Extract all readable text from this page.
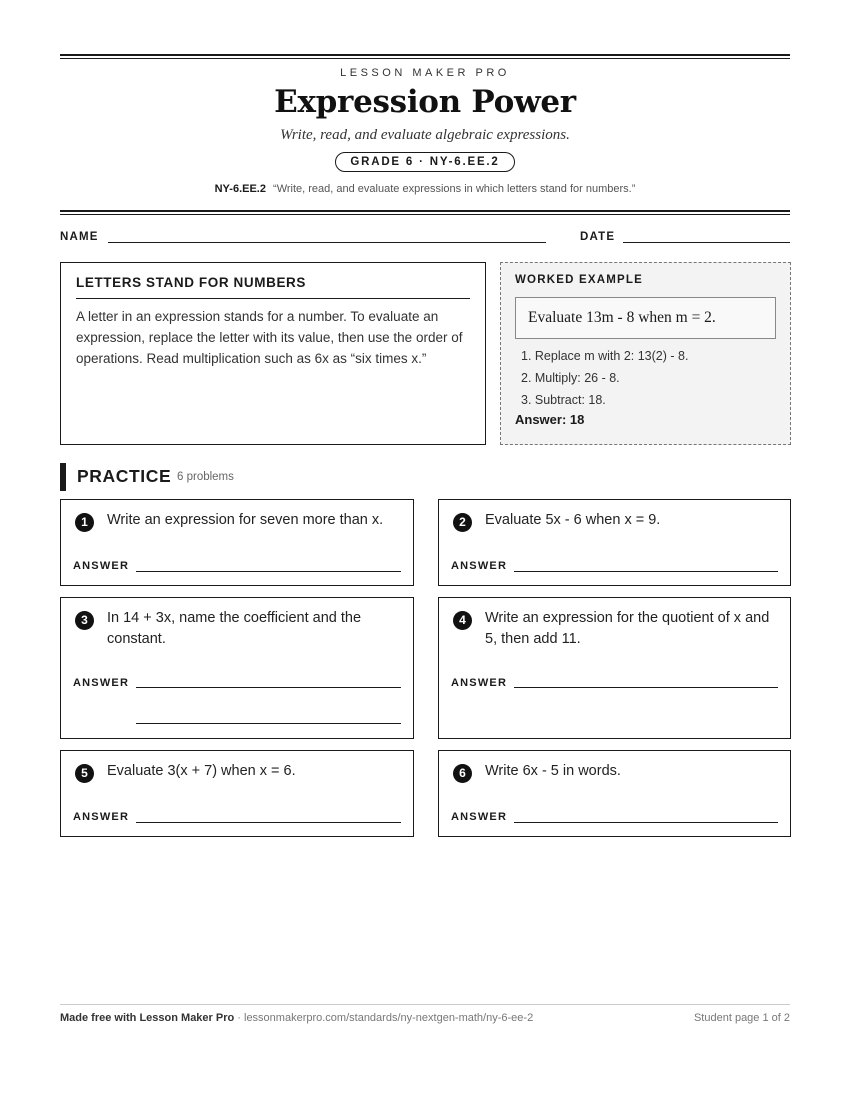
LESSON MAKER PRO
Expression Power
Write, read, and evaluate algebraic expressions.
GRADE 6 · NY-6.EE.2
NY-6.EE.2 “Write, read, and evaluate expressions in which letters stand for numbers.”
NAME	DATE
LETTERS STAND FOR NUMBERS
A letter in an expression stands for a number. To evaluate an expression, replace the letter with its value, then use the order of operations. Read multiplication such as 6x as “six times x.”
WORKED EXAMPLE
Evaluate 13m - 8 when m = 2.
1. Replace m with 2: 13(2) - 8.
2. Multiply: 26 - 8.
3. Subtract: 18.
Answer: 18
PRACTICE 6 problems
1	Write an expression for seven more than x.
ANSWER
2	Evaluate 5x - 6 when x = 9.
ANSWER
3	In 14 + 3x, name the coefficient and the constant.
ANSWER
4	Write an expression for the quotient of x and 5, then add 11.
ANSWER
5	Evaluate 3(x + 7) when x = 6.
ANSWER
6	Write 6x - 5 in words.
ANSWER
Made free with Lesson Maker Pro · lessonmakerpro.com/standards/ny-nextgen-math/ny-6-ee-2	Student page 1 of 2
